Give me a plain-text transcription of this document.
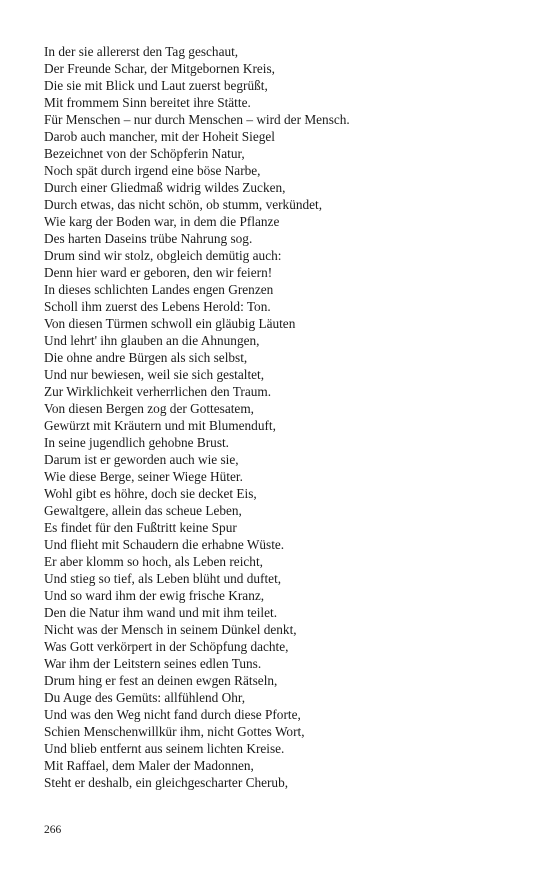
In der sie allererst den Tag geschaut,
Der Freunde Schar, der Mitgebornen Kreis,
Die sie mit Blick und Laut zuerst begrüßt,
Mit frommem Sinn bereitet ihre Stätte.
Für Menschen – nur durch Menschen – wird der Mensch.
Darob auch mancher, mit der Hoheit Siegel
Bezeichnet von der Schöpferin Natur,
Noch spät durch irgend eine böse Narbe,
Durch einer Gliedmaß widrig wildes Zucken,
Durch etwas, das nicht schön, ob stumm, verkündet,
Wie karg der Boden war, in dem die Pflanze
Des harten Daseins trübe Nahrung sog.
Drum sind wir stolz, obgleich demütig auch:
Denn hier ward er geboren, den wir feiern!
In dieses schlichten Landes engen Grenzen
Scholl ihm zuerst des Lebens Herold: Ton.
Von diesen Türmen schwoll ein gläubig Läuten
Und lehrt' ihn glauben an die Ahnungen,
Die ohne andre Bürgen als sich selbst,
Und nur bewiesen, weil sie sich gestaltet,
Zur Wirklichkeit verherrlichen den Traum.
Von diesen Bergen zog der Gottesatem,
Gewürzt mit Kräutern und mit Blumenduft,
In seine jugendlich gehobne Brust.
Darum ist er geworden auch wie sie,
Wie diese Berge, seiner Wiege Hüter.
Wohl gibt es höhre, doch sie decket Eis,
Gewaltgere, allein das scheue Leben,
Es findet für den Fußtritt keine Spur
Und flieht mit Schaudern die erhabne Wüste.
Er aber klomm so hoch, als Leben reicht,
Und stieg so tief, als Leben blüht und duftet,
Und so ward ihm der ewig frische Kranz,
Den die Natur ihm wand und mit ihm teilet.
Nicht was der Mensch in seinem Dünkel denkt,
Was Gott verkörpert in der Schöpfung dachte,
War ihm der Leitstern seines edlen Tuns.
Drum hing er fest an deinen ewgen Rätseln,
Du Auge des Gemüts: allfühlend Ohr,
Und was den Weg nicht fand durch diese Pforte,
Schien Menschenwillkür ihm, nicht Gottes Wort,
Und blieb entfernt aus seinem lichten Kreise.
Mit Raffael, dem Maler der Madonnen,
Steht er deshalb, ein gleichgescharter Cherub,
266
